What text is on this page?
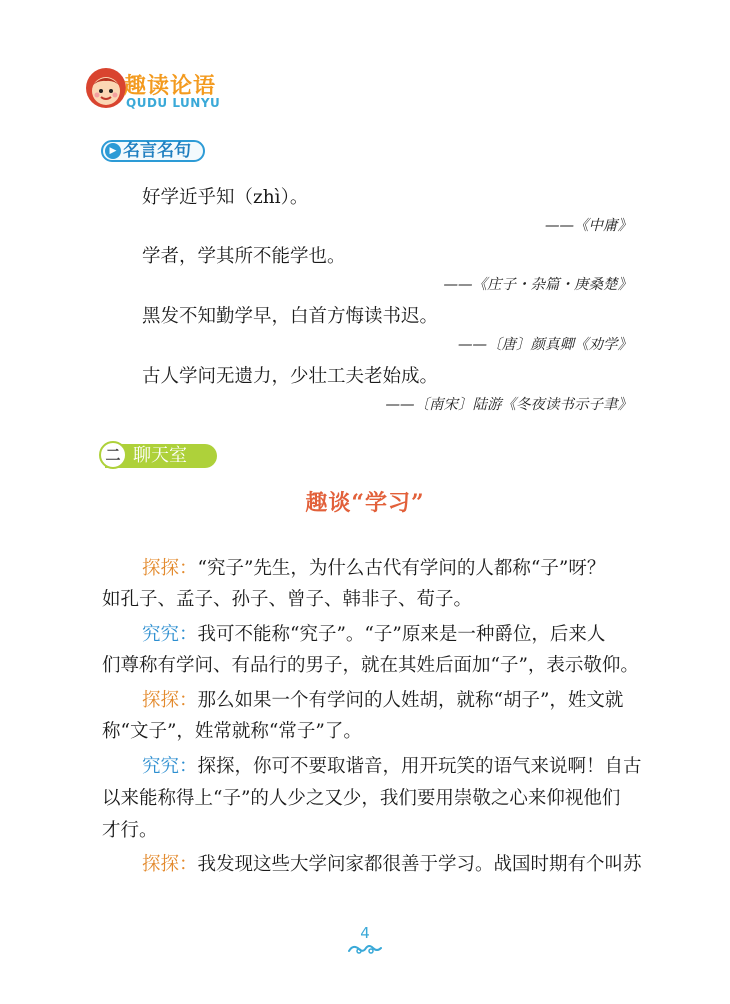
趣读论语
QUDU LUNYU
▶ 名言名句
好学近乎知（zhì）。
——《中庸》
学者，学其所不能学也。
——《庄子・杂篇・庚桑楚》
黑发不知勤学早，白首方悔读书迟。
——〔唐〕颜真卿《劝学》
古人学问无遗力，少壮工夫老始成。
——〔南宋〕陆游《冬夜读书示子聿》
二 聊天室
趣谈“学习”
探探：“究子”先生，为什么古代有学问的人都称“子”呀？
如孔子、孟子、孙子、曾子、韩非子、荀子。
究究：我可不能称“究子”。“子”原来是一种爵位，后来人
们尊称有学问、有品行的男子，就在其姓后面加“子”，表示敬仰。
探探：那么如果一个有学问的人姓胡，就称“胡子”，姓文就
称“文子”，姓常就称“常子”了。
究究：探探，你可不要取谐音，用开玩笑的语气来说啊！自古
以来能称得上“子”的人少之又少，我们要用崇敬之心来仰视他们
才行。
探探：我发现这些大学问家都很善于学习。战国时期有个叫苏
4
